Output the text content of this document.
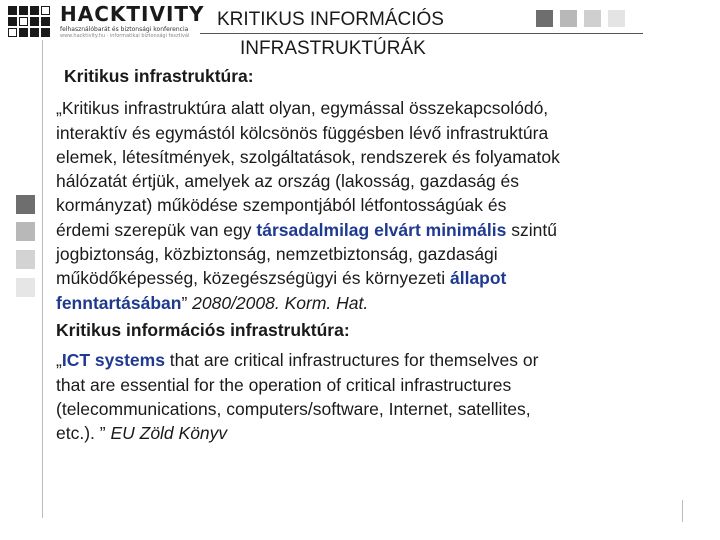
HACKTIVITY
felhasználóbarát és biztonsági konferencia
www.hacktivity.hu · informatikai biztonsági fesztivál
KRITIKUS INFORMÁCIÓS
INFRASTRUKTÚRÁK
Kritikus infrastruktúra:
„Kritikus infrastruktúra alatt olyan, egymással összekapcsolódó,
interaktív és egymástól kölcsönös függésben lévő infrastruktúra
elemek, létesítmények, szolgáltatások, rendszerek és folyamatok
hálózatát értjük, amelyek az ország (lakosság, gazdaság és
kormányzat) működése szempontjából létfontosságúak és
érdemi szerepük van egy társadalmilag elvárt minimális szintű
jogbiztonság, közbiztonság, nemzetbiztonság, gazdasági
működőképesség, közegészségügyi és környezeti állapot
fenntartásában” 2080/2008. Korm. Hat.
Kritikus információs infrastruktúra:
„ICT systems that are critical infrastructures for themselves or
that are essential for the operation of critical infrastructures
(telecommunications, computers/software, Internet, satellites,
etc.). ” EU Zöld Könyv
